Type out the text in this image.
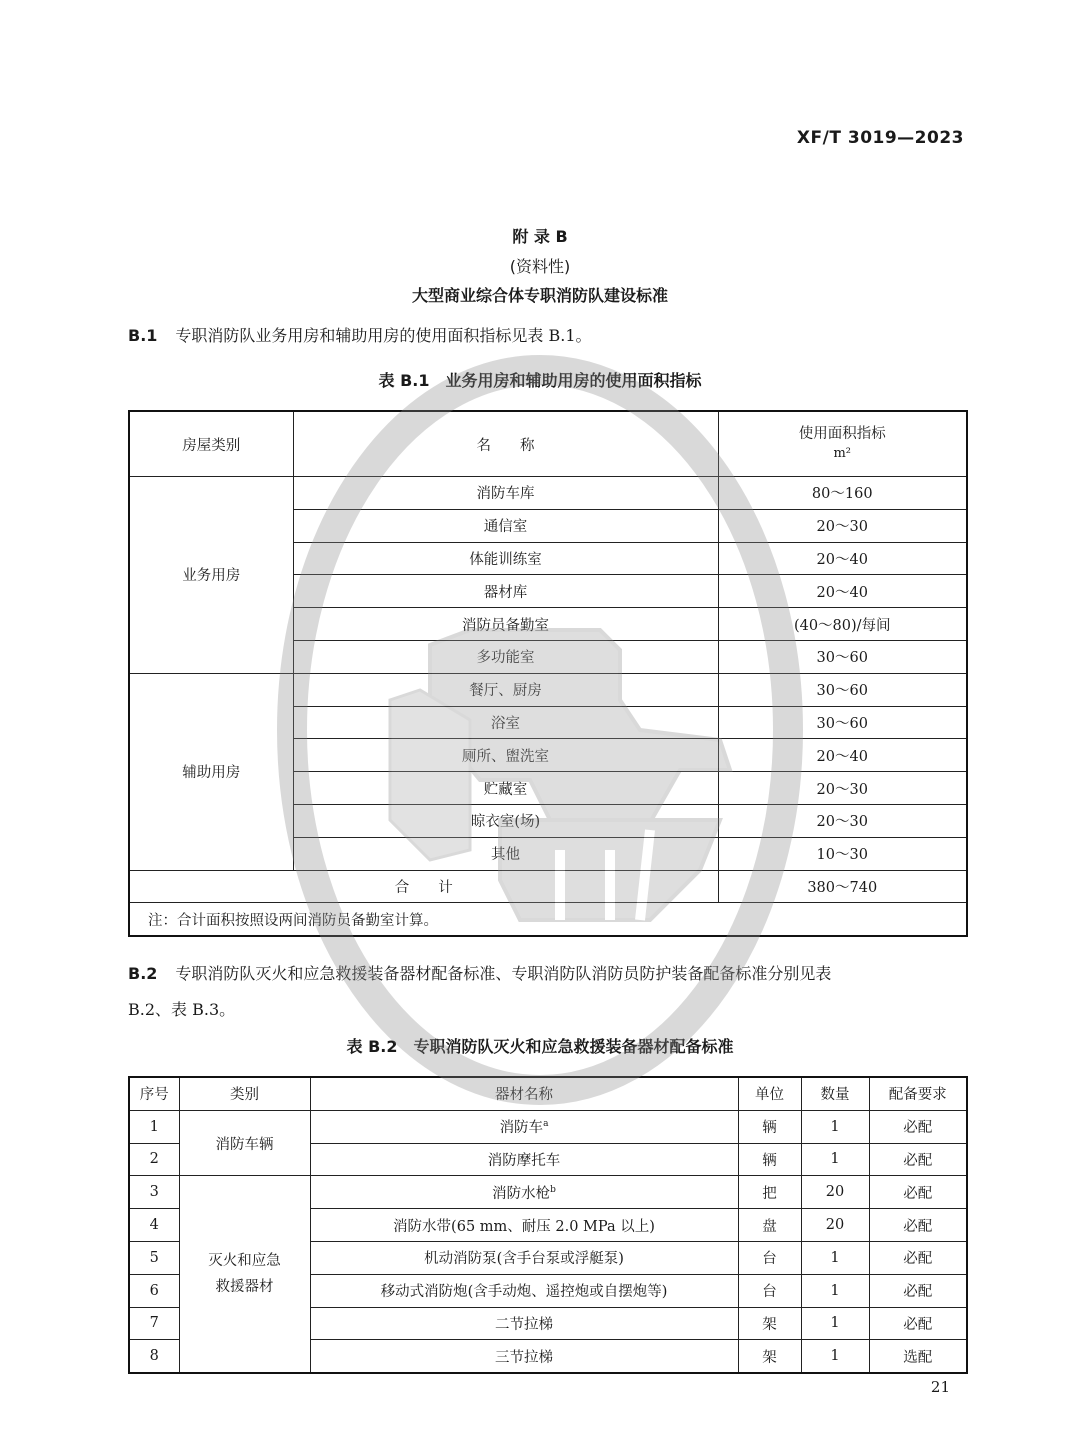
XF/T 3019—2023
附 录 B
(资料性)
大型商业综合体专职消防队建设标准
B.1 专职消防队业务用房和辅助用房的使用面积指标见表 B.1。
表 B.1　业务用房和辅助用房的使用面积指标
房屋类别	名　　称	使用面积指标
m²

业务用房	消防车库	80～160
	通信室	20～30
	体能训练室	20～40
	器材库	20～40
	消防员备勤室	(40～80)/每间
	多功能室	30～60
辅助用房	餐厅、厨房	30～60
	浴室	30～60
	厕所、盥洗室	20～40
	贮藏室	20～30
	晾衣室(场)	20～30
	其他	10～30
合　　计		380～740
注：合计面积按照设两间消防员备勤室计算。		
B.2 专职消防队灭火和应急救援装备器材配备标准、专职消防队消防员防护装备配备标准分别见表
B.2、表 B.3。
表 B.2　专职消防队灭火和应急救援装备器材配备标准
序号	类别	器材名称	单位	数量	配备要求
1	消防车辆	消防车$^a$	辆	1	必配
2		消防摩托车	辆	1	必配
3	灭火和应急
救援器材	消防水枪$^b$	把	20	必配
4		消防水带(65 mm、耐压 2.0 MPa 以上)	盘	20	必配
5		机动消防泵(含手台泵或浮艇泵)	台	1	必配
6		移动式消防炮(含手动炮、遥控炮或自摆炮等)	台	1	必配
7		二节拉梯	架	1	必配
8		三节拉梯	架	1	选配
21
